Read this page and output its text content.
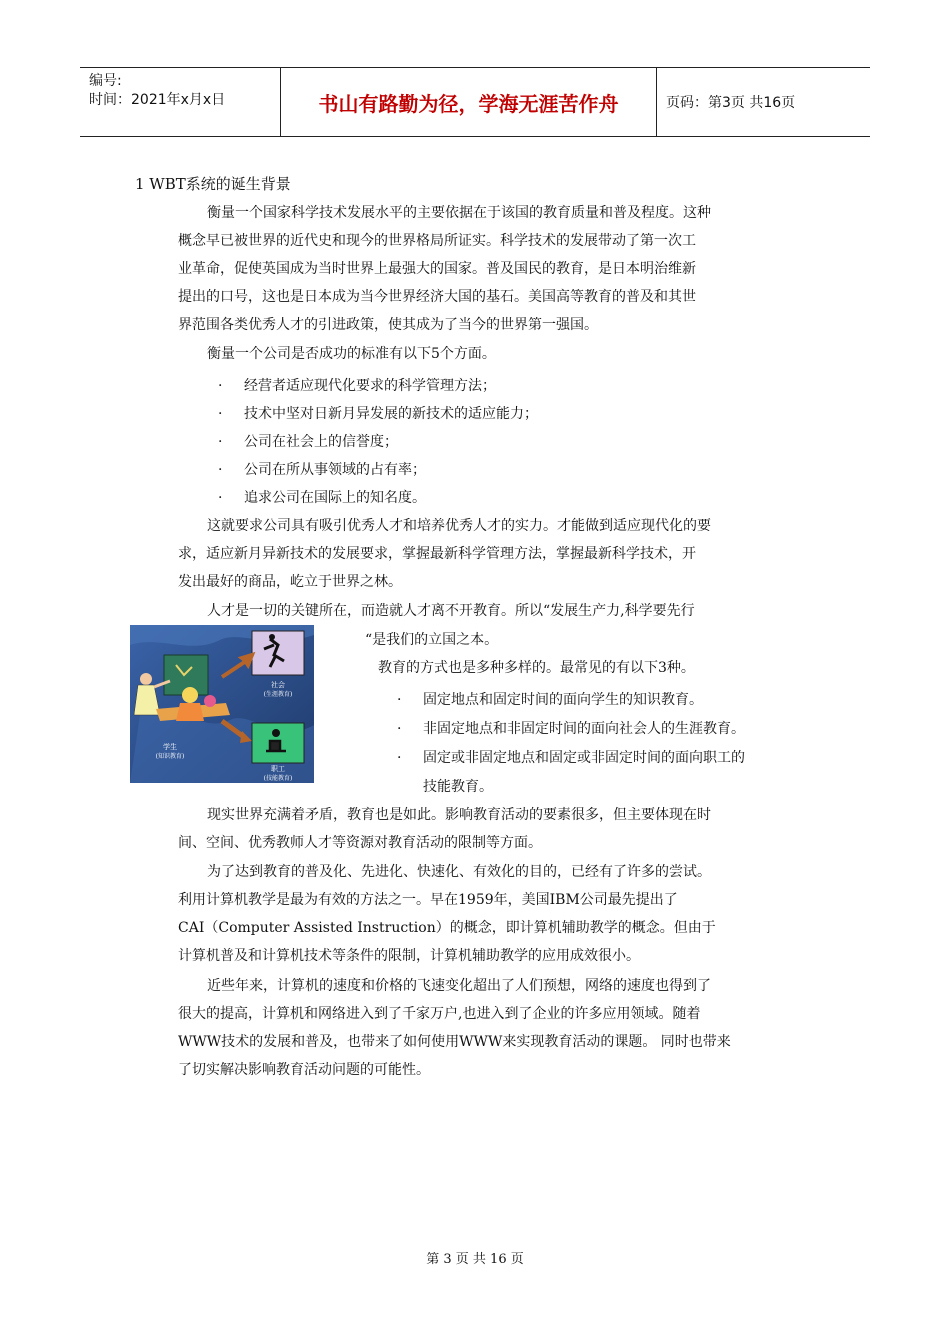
编号:
时间：2021年x月x日	书山有路勤为径，学海无涯苦作舟	页码：第3页 共16页
1 WBT系统的诞生背景
衡量一个国家科学技术发展水平的主要依据在于该国的教育质量和普及程度。这种
概念早已被世界的近代史和现今的世界格局所证实。科学技术的发展带动了第一次工
业革命，促使英国成为当时世界上最强大的国家。普及国民的教育，是日本明治维新
提出的口号，这也是日本成为当今世界经济大国的基石。美国高等教育的普及和其世
界范围各类优秀人才的引进政策，使其成为了当今的世界第一强国。
衡量一个公司是否成功的标准有以下5个方面。
· 经营者适应现代化要求的科学管理方法；
· 技术中坚对日新月异发展的新技术的适应能力；
· 公司在社会上的信誉度；
· 公司在所从事领域的占有率；
· 追求公司在国际上的知名度。
这就要求公司具有吸引优秀人才和培养优秀人才的实力。才能做到适应现代化的要
求，适应新月异新技术的发展要求，掌握最新科学管理方法，掌握最新科学技术，开
发出最好的商品，屹立于世界之林。
人才是一切的关键所在，而造就人才离不开教育。所以“发展生产力,科学要先行
“是我们的立国之本。
社会
(生涯教育)
职工
(技能教育)
学生
(知识教育)
教育的方式也是多种多样的。最常见的有以下3种。
· 固定地点和固定时间的面向学生的知识教育。
· 非固定地点和非固定时间的面向社会人的生涯教育。
· 固定或非固定地点和固定或非固定时间的面向职工的
技能教育。
现实世界充满着矛盾，教育也是如此。影响教育活动的要素很多，但主要体现在时
间、空间、优秀教师人才等资源对教育活动的限制等方面。
为了达到教育的普及化、先进化、快速化、有效化的目的，已经有了许多的尝试。
利用计算机教学是最为有效的方法之一。早在1959年，美国IBM公司最先提出了
CAI（Computer Assisted Instruction）的概念，即计算机辅助教学的概念。但由于
计算机普及和计算机技术等条件的限制，计算机辅助教学的应用成效很小。
近些年来，计算机的速度和价格的飞速变化超出了人们预想，网络的速度也得到了
很大的提高，计算机和网络进入到了千家万户,也进入到了企业的许多应用领域。随着
WWW技术的发展和普及，也带来了如何使用WWW来实现教育活动的课题。 同时也带来
了切实解决影响教育活动问题的可能性。
第 3 页 共 16 页
